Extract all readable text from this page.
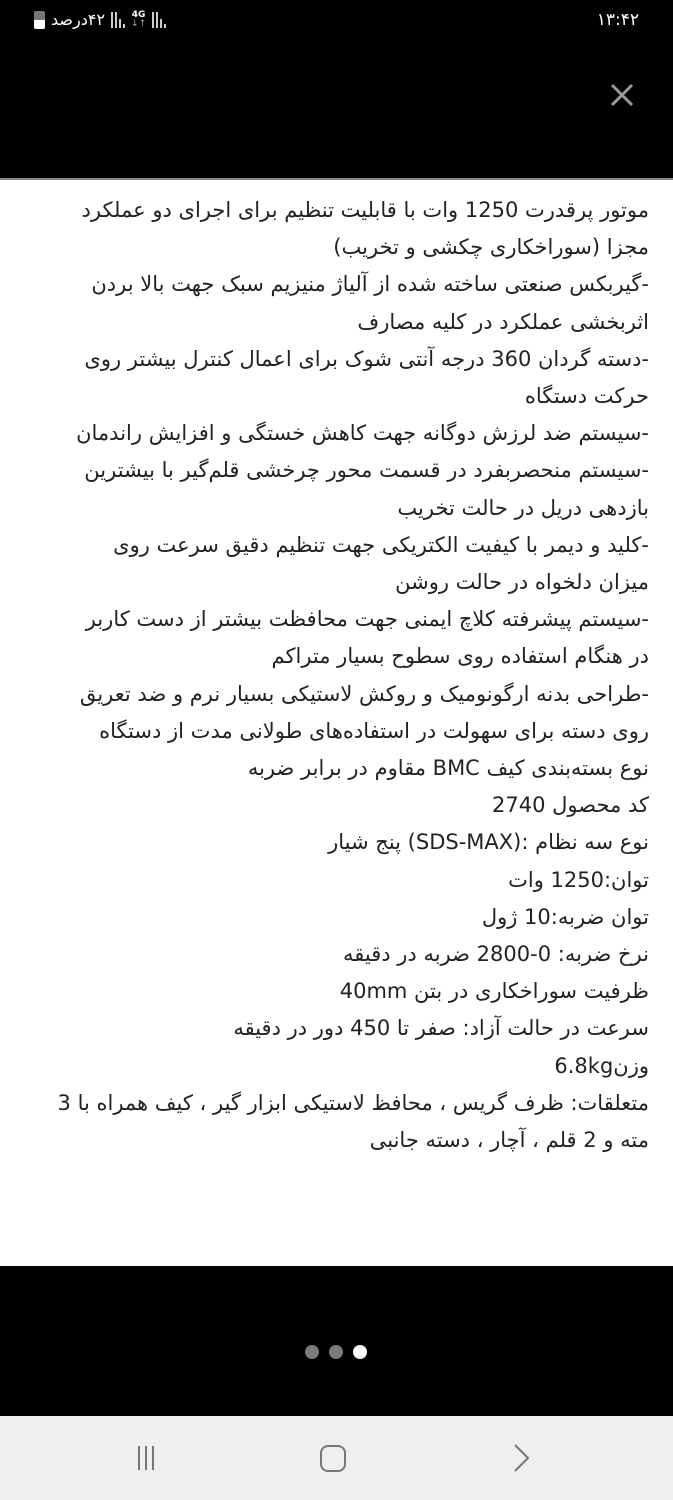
۴۲درصد	4G
↓↑	۱۳:۴۲
موتور پرقدرت 1250 وات با قابلیت تنظیم برای اجرای دو عملکرد
مجزا (سوراخکاری چکشی و تخریب)
-گیربکس صنعتی ساخته شده از آلیاژ منیزیم سبک جهت بالا بردن
اثربخشی عملکرد در کلیه مصارف
-دسته گردان 360 درجه آنتی شوک برای اعمال کنترل بیشتر روی
حرکت دستگاه
-سیستم ضد لرزش دوگانه جهت کاهش خستگی و افزایش راندمان
-سیستم منحصربفرد در قسمت محور چرخشی قلم‌گیر با بیشترین
بازدهی دریل در حالت تخریب
-کلید و دیمر با کیفیت الکتریکی جهت تنظیم دقیق سرعت روی
میزان دلخواه در حالت روشن
-سیستم پیشرفته کلاچ ایمنی جهت محافظت بیشتر از دست کاربر
در هنگام استفاده روی سطوح بسیار متراکم
-طراحی بدنه ارگونومیک و روکش لاستیکی بسیار نرم و ضد تعریق
روی دسته برای سهولت در استفاده‌های طولانی مدت از دستگاه
نوع بسته‌بندی کیف BMC مقاوم در برابر ضربه
کد محصول 2740
نوع سه نظام :(SDS-MAX) پنج شیار
توان:1250 وات
توان ضربه:10 ژول
نرخ ضربه: 0-2800 ضربه در دقیقه
ظرفیت سوراخکاری در بتن 40mm
سرعت در حالت آزاد: صفر تا 450 دور در دقیقه
وزن6.8kg
متعلقات: ظرف گریس ، محافظ لاستیکی ابزار گیر ، کیف همراه با 3
مته و 2 قلم ، آچار ، دسته جانبی
